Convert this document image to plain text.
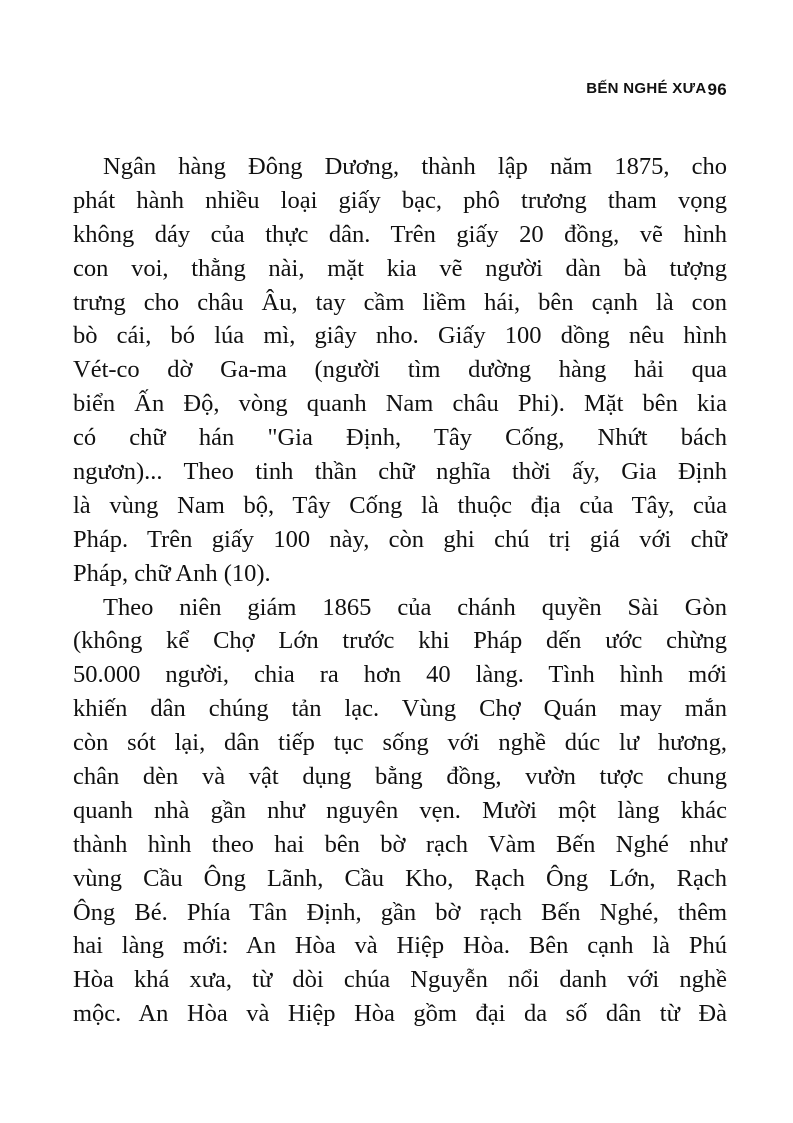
BẾN NGHÉ XƯA96
Ngân hàng Đông Dương, thành lập năm 1875, cho
phát hành nhiều loại giấy bạc, phô trương tham vọng
không dáy của thực dân. Trên giấy 20 đồng, vẽ hình
con voi, thằng nài, mặt kia vẽ người dàn bà tượng
trưng cho châu Âu, tay cầm liềm hái, bên cạnh là con
bò cái, bó lúa mì, giây nho. Giấy 100 dồng nêu hình
Vét-co dờ Ga-ma (người tìm dường hàng hải qua
biển Ấn Độ, vòng quanh Nam châu Phi). Mặt bên kia
có chữ hán "Gia Định, Tây Cống, Nhứt bách
ngươn)... Theo tinh thần chữ nghĩa thời ấy, Gia Định
là vùng Nam bộ, Tây Cống là thuộc địa của Tây, của
Pháp. Trên giấy 100 này, còn ghi chú trị giá với chữ
Pháp, chữ Anh (10).
Theo niên giám 1865 của chánh quyền Sài Gòn
(không kể Chợ Lớn trước khi Pháp dến ước chừng
50.000 người, chia ra hơn 40 làng. Tình hình mới
khiến dân chúng tản lạc. Vùng Chợ Quán may mắn
còn sót lại, dân tiếp tục sống với nghề dúc lư hương,
chân dèn và vật dụng bằng đồng, vườn tược chung
quanh nhà gần như nguyên vẹn. Mười một làng khác
thành hình theo hai bên bờ rạch Vàm Bến Nghé như
vùng Cầu Ông Lãnh, Cầu Kho, Rạch Ông Lớn, Rạch
Ông Bé. Phía Tân Định, gần bờ rạch Bến Nghé, thêm
hai làng mới: An Hòa và Hiệp Hòa. Bên cạnh là Phú
Hòa khá xưa, từ dòi chúa Nguyễn nổi danh với nghề
mộc. An Hòa và Hiệp Hòa gồm đại da số dân từ Đà
